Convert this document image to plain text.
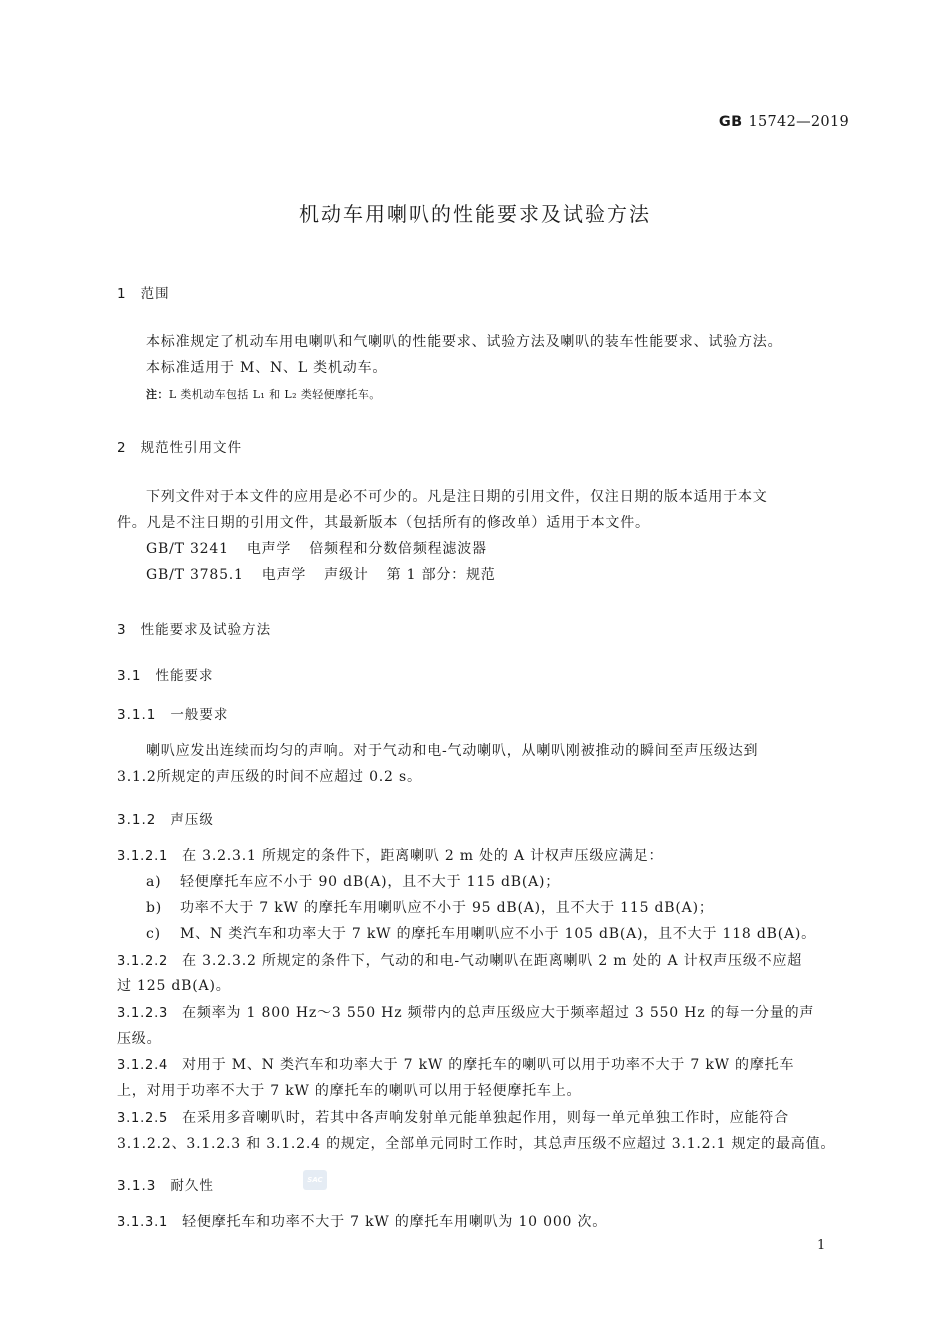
GB 15742—2019
机动车用喇叭的性能要求及试验方法
1 范围
本标准规定了机动车用电喇叭和气喇叭的性能要求、试验方法及喇叭的装车性能要求、试验方法。
本标准适用于 M、N、L 类机动车。
注：L 类机动车包括 L₁ 和 L₂ 类轻便摩托车。
2 规范性引用文件
下列文件对于本文件的应用是必不可少的。凡是注日期的引用文件，仅注日期的版本适用于本文
件。凡是不注日期的引用文件，其最新版本（包括所有的修改单）适用于本文件。
GB/T 3241 电声学 倍频程和分数倍频程滤波器
GB/T 3785.1 电声学 声级计 第 1 部分：规范
3 性能要求及试验方法
3.1 性能要求
3.1.1 一般要求
喇叭应发出连续而均匀的声响。对于气动和电-气动喇叭，从喇叭刚被推动的瞬间至声压级达到
3.1.2所规定的声压级的时间不应超过 0.2 s。
3.1.2 声压级
3.1.2.1 在 3.2.3.1 所规定的条件下，距离喇叭 2 m 处的 A 计权声压级应满足：
a) 轻便摩托车应不小于 90 dB(A)，且不大于 115 dB(A)；
b) 功率不大于 7 kW 的摩托车用喇叭应不小于 95 dB(A)，且不大于 115 dB(A)；
c) M、N 类汽车和功率大于 7 kW 的摩托车用喇叭应不小于 105 dB(A)，且不大于 118 dB(A)。
3.1.2.2 在 3.2.3.2 所规定的条件下，气动的和电-气动喇叭在距离喇叭 2 m 处的 A 计权声压级不应超
过 125 dB(A)。
3.1.2.3 在频率为 1 800 Hz～3 550 Hz 频带内的总声压级应大于频率超过 3 550 Hz 的每一分量的声
压级。
3.1.2.4 对用于 M、N 类汽车和功率大于 7 kW 的摩托车的喇叭可以用于功率不大于 7 kW 的摩托车
上，对用于功率不大于 7 kW 的摩托车的喇叭可以用于轻便摩托车上。
3.1.2.5 在采用多音喇叭时，若其中各声响发射单元能单独起作用，则每一单元单独工作时，应能符合
3.1.2.2、3.1.2.3 和 3.1.2.4 的规定，全部单元同时工作时，其总声压级不应超过 3.1.2.1 规定的最高值。
3.1.3 耐久性	SAC
3.1.3.1 轻便摩托车和功率不大于 7 kW 的摩托车用喇叭为 10 000 次。
1
